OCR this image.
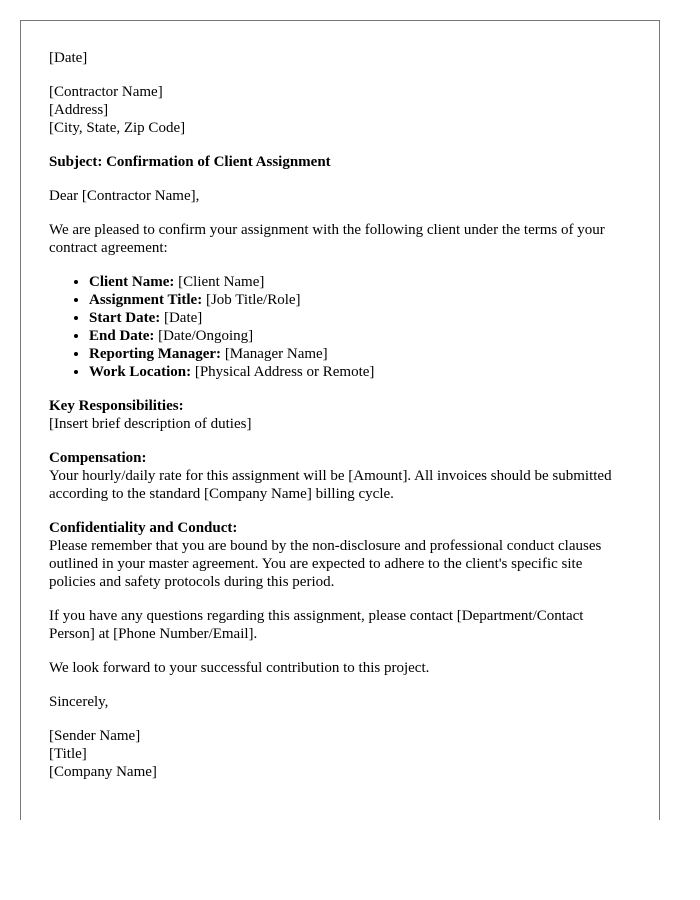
[Date]

[Contractor Name]
[Address]
[City, State, Zip Code]

Subject: Confirmation of Client Assignment

Dear [Contractor Name],

We are pleased to confirm your assignment with the following client under the terms of your contract agreement:

• Client Name: [Client Name]
• Assignment Title: [Job Title/Role]
• Start Date: [Date]
• End Date: [Date/Ongoing]
• Reporting Manager: [Manager Name]
• Work Location: [Physical Address or Remote]
Key Responsibilities:
[Insert brief description of duties]
Compensation:
Your hourly/daily rate for this assignment will be [Amount]. All invoices should be submitted according to the standard [Company Name] billing cycle.
Confidentiality and Conduct:
Please remember that you are bound by the non-disclosure and professional conduct clauses outlined in your master agreement. You are expected to adhere to the client's specific site policies and safety protocols during this period.

If you have any questions regarding this assignment, please contact [Department/Contact Person] at [Phone Number/Email].

We look forward to your successful contribution to this project.

Sincerely,

[Sender Name]
[Title]
[Company Name]
